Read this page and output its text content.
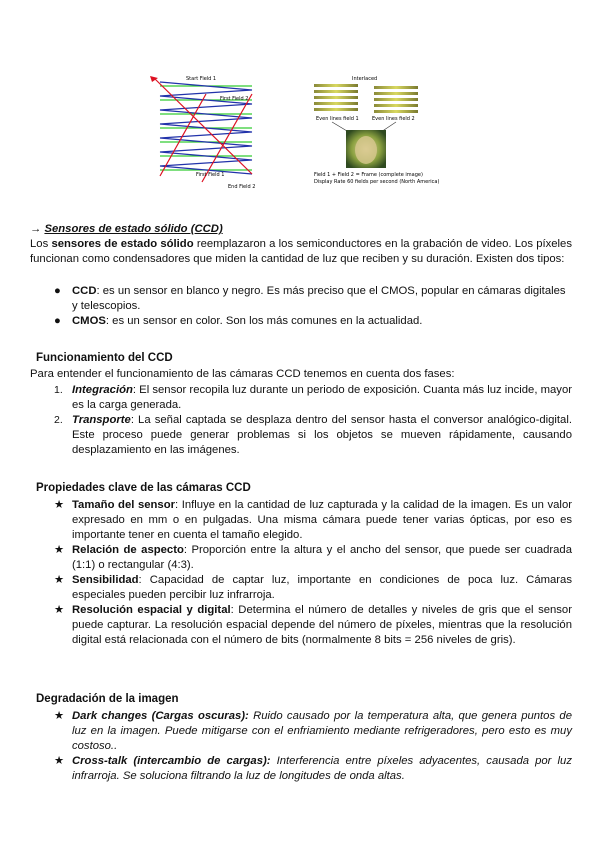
Start Field 1
First Field 2
First Field 1
End Field 2
Interlaced
Even lines field 1	Even lines field 2
Field 1 + Field 2 = Frame (complete image)
Display Rate 60 fields per second (North America)
→ Sensores de estado sólido (CCD)
Los sensores de estado sólido reemplazaron a los semiconductores en la grabación de video. Los píxeles funcionan como condensadores que miden la cantidad de luz que reciben y su duración. Existen dos tipos:
● CCD: es un sensor en blanco y negro. Es más preciso que el CMOS, popular en cámaras digitales y telescopios.
● CMOS: es un sensor en color. Son los más comunes en la actualidad.
Funcionamiento del CCD
Para entender el funcionamiento de las cámaras CCD tenemos en cuenta dos fases:
1. Integración: El sensor recopila luz durante un periodo de exposición. Cuanta más luz incide, mayor es la carga generada.
2. Transporte: La señal captada se desplaza dentro del sensor hasta el conversor analógico-digital. Este proceso puede generar problemas si los objetos se mueven rápidamente, causando desplazamiento en las imágenes.
Propiedades clave de las cámaras CCD
★ Tamaño del sensor: Influye en la cantidad de luz capturada y la calidad de la imagen. Es un valor expresado en mm o en pulgadas. Una misma cámara puede tener varias ópticas, por eso es importante tener en cuenta el tamaño elegido.
★ Relación de aspecto: Proporción entre la altura y el ancho del sensor, que puede ser cuadrada (1:1) o rectangular (4:3).
★ Sensibilidad: Capacidad de captar luz, importante en condiciones de poca luz. Cámaras especiales pueden percibir luz infrarroja.
★ Resolución espacial y digital: Determina el número de detalles y niveles de gris que el sensor puede capturar. La resolución espacial depende del número de píxeles, mientras que la resolución digital está relacionada con el número de bits (normalmente 8 bits = 256 niveles de gris).
Degradación de la imagen
★ Dark changes (Cargas oscuras): Ruido causado por la temperatura alta, que genera puntos de luz en la imagen. Puede mitigarse con el enfriamiento mediante refrigeradores, pero esto es muy costoso..
★ Cross-talk (intercambio de cargas): Interferencia entre píxeles adyacentes, causada por luz infrarroja. Se soluciona filtrando la luz de longitudes de onda altas.
